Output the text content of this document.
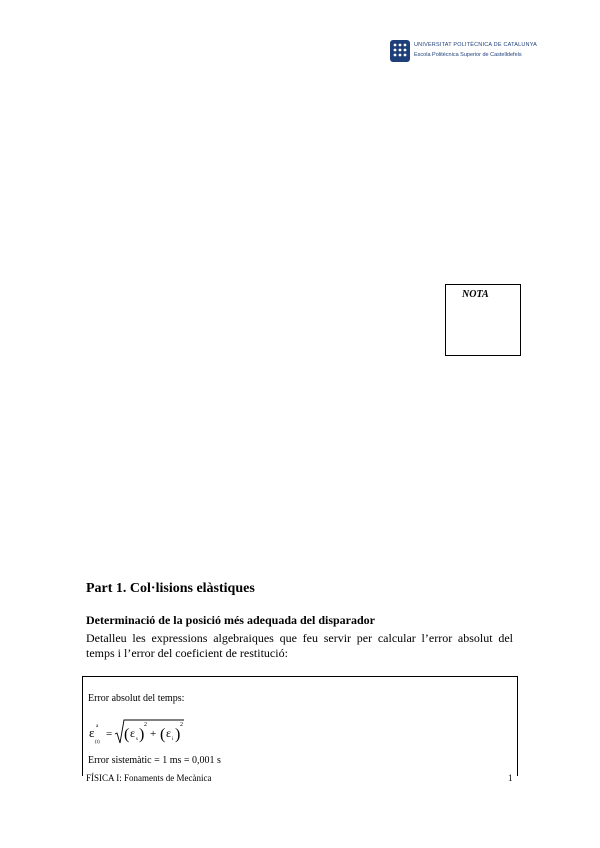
UNIVERSITAT POLITÈCNICA DE CATALUNYA
Escola Politècnica Superior de Castelldefels
NOTA
Part 1. Col·lisions elàstiques
Determinació de la posició més adequada del disparador
Detalleu les expressions algebraiques que feu servir per calcular l’error absolut del temps i l’error del coeficient de restitució:
Error absolut del temps:
ε a
(t)
= ( ε s )
2
+ ( ε i )
2
Error sistemàtic = 1 ms = 0,001 s
FÍSICA I: Fonaments de Mecànica	1
